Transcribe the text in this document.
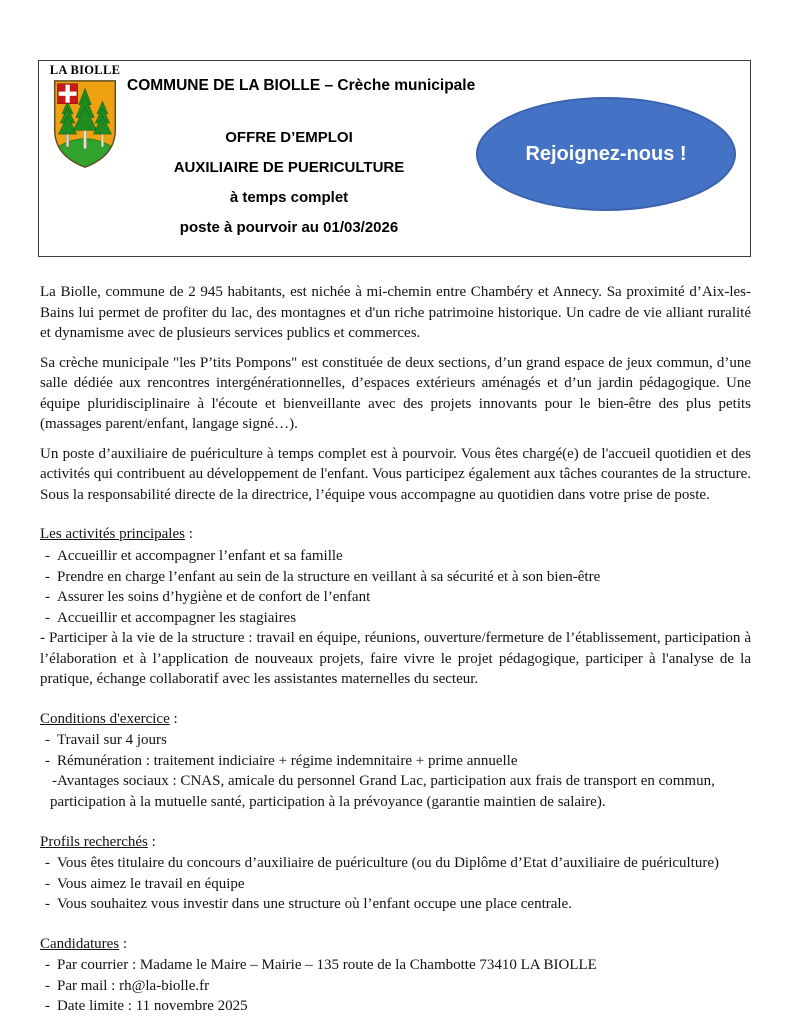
LA BIOLLE
COMMUNE DE LA BIOLLE – Crèche municipale
OFFRE D’EMPLOI
AUXILIAIRE DE PUERICULTURE
à temps complet
poste à pourvoir au 01/03/2026
Rejoignez-nous !

La Biolle, commune de 2 945 habitants, est nichée à mi-chemin entre Chambéry et Annecy. Sa proximité d’Aix-les-Bains lui permet de profiter du lac, des montagnes et d'un riche patrimoine historique. Un cadre de vie alliant ruralité et dynamisme avec de plusieurs services publics et commerces.

Sa crèche municipale "les P’tits Pompons" est constituée de deux sections, d’un grand espace de jeux commun, d’une salle dédiée aux rencontres intergénérationnelles, d’espaces extérieurs aménagés et d’un jardin pédagogique. Une équipe pluridisciplinaire à l'écoute et bienveillante avec des projets innovants pour le bien-être des plus petits (massages parent/enfant, langage signé…).

Un poste d’auxiliaire de puériculture à temps complet est à pourvoir. Vous êtes chargé(e) de l'accueil quotidien et des activités qui contribuent au développement de l'enfant. Vous participez également aux tâches courantes de la structure. Sous la responsabilité directe de la directrice, l’équipe vous accompagne au quotidien dans votre prise de poste.

Les activités principales :
- Accueillir et accompagner l’enfant et sa famille
- Prendre en charge l’enfant au sein de la structure en veillant à sa sécurité et à son bien-être
- Assurer les soins d’hygiène et de confort de l’enfant
- Accueillir et accompagner les stagiaires
- Participer à la vie de la structure : travail en équipe, réunions, ouverture/fermeture de l’établissement, participation à l’élaboration et à l’application de nouveaux projets, faire vivre le projet pédagogique, participer à l'analyse de la pratique, échange collaboratif avec les assistantes maternelles du secteur.
Conditions d'exercice :
- Travail sur 4 jours
- Rémunération : traitement indiciaire + régime indemnitaire + prime annuelle
- Avantages sociaux : CNAS, amicale du personnel Grand Lac, participation aux frais de transport en commun, participation à la mutuelle santé, participation à la prévoyance (garantie maintien de salaire).
Profils recherchés :
- Vous êtes titulaire du concours d’auxiliaire de puériculture (ou du Diplôme d’Etat d’auxiliaire de puériculture)
- Vous aimez le travail en équipe
- Vous souhaitez vous investir dans une structure où l’enfant occupe une place centrale.
Candidatures :
- Par courrier : Madame le Maire – Mairie – 135 route de la Chambotte 73410 LA BIOLLE
- Par mail : rh@la-biolle.fr
- Date limite : 11 novembre 2025
